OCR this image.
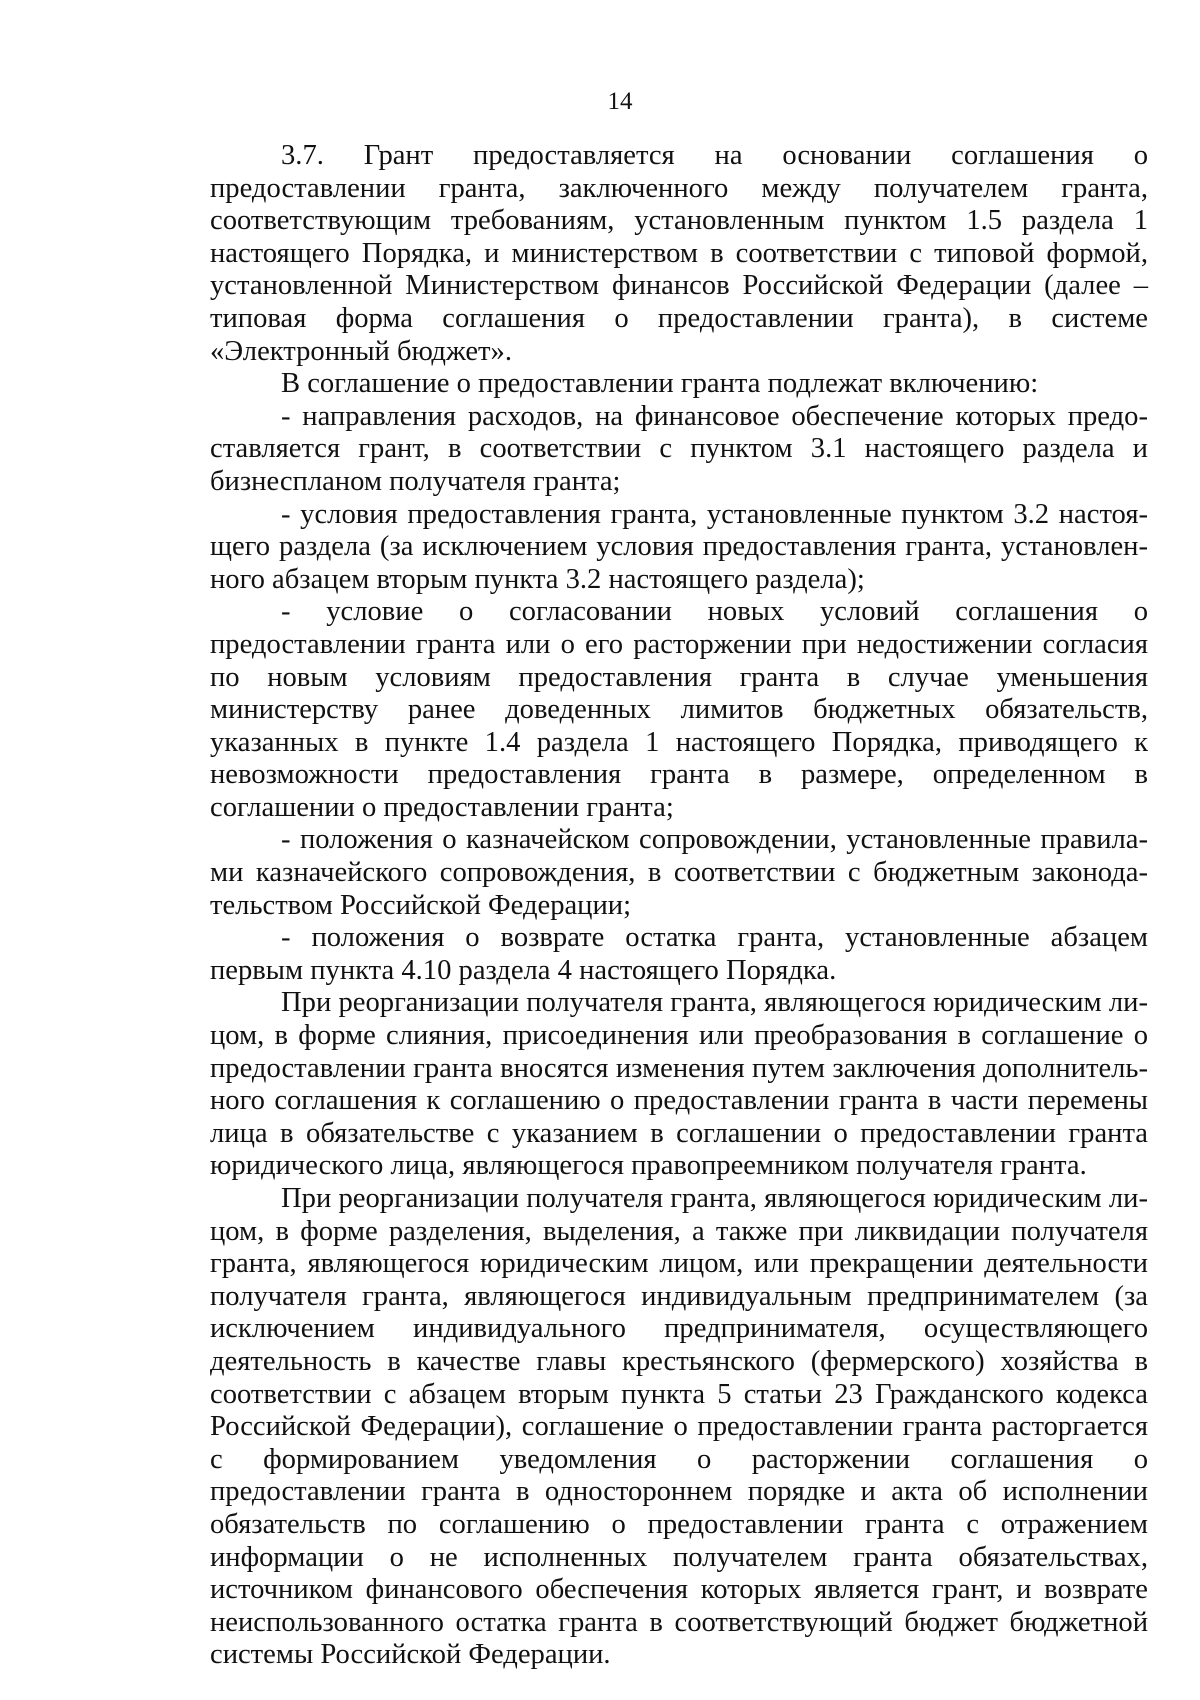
14

3.7. Грант предоставляется на основании соглашения о предоставлении гранта, заключенного между получателем гранта, соответствующим требованиям, установленным пунктом 1.5 раздела 1 настоящего Порядка, и министерством в соответствии с типовой формой, установленной Министерством финансов Российской Федерации (далее – типовая форма соглашения о предоставлении гранта), в системе «Электронный бюджет».

В соглашение о предоставлении гранта подлежат включению:

- направления расходов, на финансовое обеспечение которых предоставляется грант, в соответствии с пунктом 3.1 настоящего раздела и бизнеспланом получателя гранта;

- условия предоставления гранта, установленные пунктом 3.2 настоящего раздела (за исключением условия предоставления гранта, установленного абзацем вторым пункта 3.2 настоящего раздела);

- условие о согласовании новых условий соглашения о предоставлении гранта или о его расторжении при недостижении согласия по новым условиям предоставления гранта в случае уменьшения министерству ранее доведенных лимитов бюджетных обязательств, указанных в пункте 1.4 раздела 1 настоящего Порядка, приводящего к невозможности предоставления гранта в размере, определенном в соглашении о предоставлении гранта;

- положения о казначейском сопровождении, установленные правилами казначейского сопровождения, в соответствии с бюджетным законодательством Российской Федерации;

- положения о возврате остатка гранта, установленные абзацем первым пункта 4.10 раздела 4 настоящего Порядка.

При реорганизации получателя гранта, являющегося юридическим лицом, в форме слияния, присоединения или преобразования в соглашение о предоставлении гранта вносятся изменения путем заключения дополнительного соглашения к соглашению о предоставлении гранта в части перемены лица в обязательстве с указанием в соглашении о предоставлении гранта юридического лица, являющегося правопреемником получателя гранта.

При реорганизации получателя гранта, являющегося юридическим лицом, в форме разделения, выделения, а также при ликвидации получателя гранта, являющегося юридическим лицом, или прекращении деятельности получателя гранта, являющегося индивидуальным предпринимателем (за исключением индивидуального предпринимателя, осуществляющего деятельность в качестве главы крестьянского (фермерского) хозяйства в соответствии с абзацем вторым пункта 5 статьи 23 Гражданского кодекса Российской Федерации), соглашение о предоставлении гранта расторгается с формированием уведомления о расторжении соглашения о предоставлении гранта в одностороннем порядке и акта об исполнении обязательств по соглашению о предоставлении гранта с отражением информации о не исполненных получателем гранта обязательствах, источником финансового обеспечения которых является грант, и возврате неиспользованного остатка гранта в соответствующий бюджет бюджетной системы Российской Федерации.
